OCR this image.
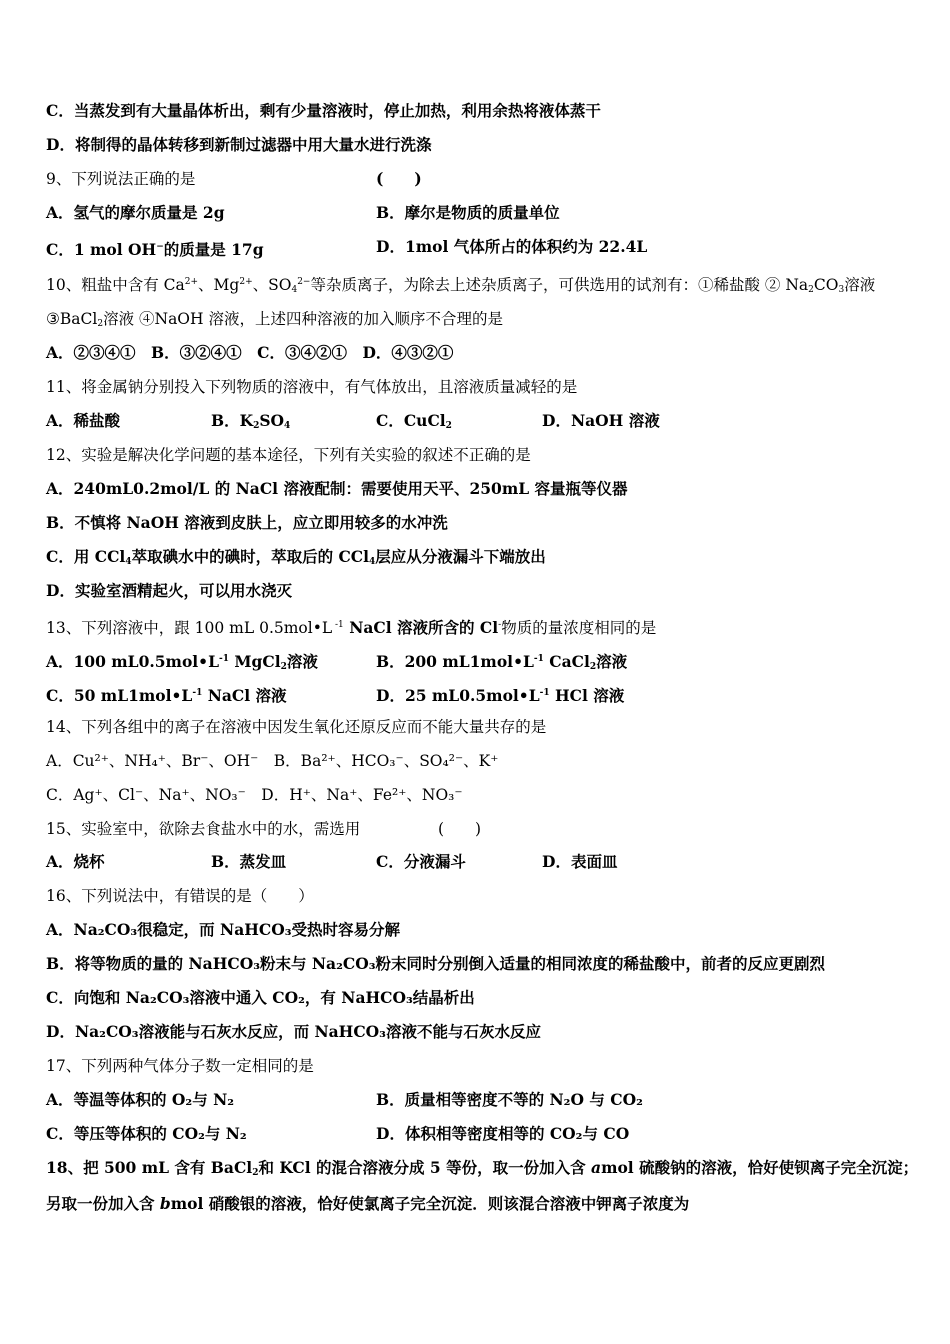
C．当蒸发到有大量晶体析出，剩有少量溶液时，停止加热，利用余热将液体蒸干
D．将制得的晶体转移到新制过滤器中用大量水进行洗涤
9、下列说法正确的是	(　　)
A．氢气的摩尔质量是 2g	B．摩尔是物质的质量单位
C．1 mol OH−的质量是 17g	D．1mol 气体所占的体积约为 22.4L
10、粗盐中含有 $Ca^{2+}$、$Mg^{2+}$、$SO_4^{2-}$等杂质离子，为除去上述杂质离子，可供选用的试剂有：①稀盐酸 ② $Na_2CO_3$溶液
③BaCl$_2$溶液 ④NaOH 溶液，上述四种溶液的加入顺序不合理的是
A．②③④①　B．③②④①　C．③④②①　D．④③②①
11、将金属钠分别投入下列物质的溶液中，有气体放出，且溶液质量减轻的是
A．稀盐酸	B．$K_2SO_4$	C．CuCl$_2$	D．NaOH 溶液
12、实验是解决化学问题的基本途径，下列有关实验的叙述不正确的是
A．240mL0.2mol/L 的 NaCl 溶液配制：需要使用天平、250mL 容量瓶等仪器
B．不慎将 NaOH 溶液到皮肤上，应立即用较多的水冲洗
C．用 CCl$_4$萃取碘水中的碘时，萃取后的 CCl$_4$层应从分液漏斗下端放出
D．实验室酒精起火，可以用水浇灭
13、下列溶液中，跟 100 mL 0.5mol•L $^{-1}$ NaCl 溶液所含的 Cl-物质的量浓度相同的是
A．100 $mL0.5mol•L^{-1}$ MgCl$_2$溶液	B．200 $mL1mol•L^{-1}$ CaCl$_2$溶液
C．50 $mL1mol•L^{-1}$ NaCl 溶液	D．25 $mL0.5mol•L^{-1}$ HCl 溶液
14、下列各组中的离子在溶液中因发生氧化还原反应而不能大量共存的是
A．Cu²⁺、NH₄⁺、Br⁻、OH⁻　B．Ba²⁺、HCO₃⁻、SO₄²⁻、K⁺
C．Ag⁺、Cl⁻、Na⁺、NO₃⁻　D．H⁺、Na⁺、Fe²⁺、NO₃⁻
15、实验室中，欲除去食盐水中的水，需选用	(　　)
A．烧杯	B．蒸发皿	C．分液漏斗	D．表面皿
16、下列说法中，有错误的是（　　）
A．Na₂CO₃很稳定，而 NaHCO₃受热时容易分解
B．将等物质的量的 NaHCO₃粉末与 Na₂CO₃粉末同时分别倒入适量的相同浓度的稀盐酸中，前者的反应更剧烈
C．向饱和 Na₂CO₃溶液中通入 CO₂，有 NaHCO₃结晶析出
D．Na₂CO₃溶液能与石灰水反应，而 NaHCO₃溶液不能与石灰水反应
17、下列两种气体分子数一定相同的是
A．等温等体积的 O₂与 N₂	B．质量相等密度不等的 N₂O 与 CO₂
C．等压等体积的 CO₂与 N₂	D．体积相等密度相等的 CO₂与 CO
18、把 500 mL 含有 BaCl$_2$和 KCl 的混合溶液分成 5 等份，取一份加入含 amol 硫酸钠的溶液，恰好使钡离子完全沉淀；
另取一份加入含 bmol 硝酸银的溶液，恰好使氯离子完全沉淀．则该混合溶液中钾离子浓度为
